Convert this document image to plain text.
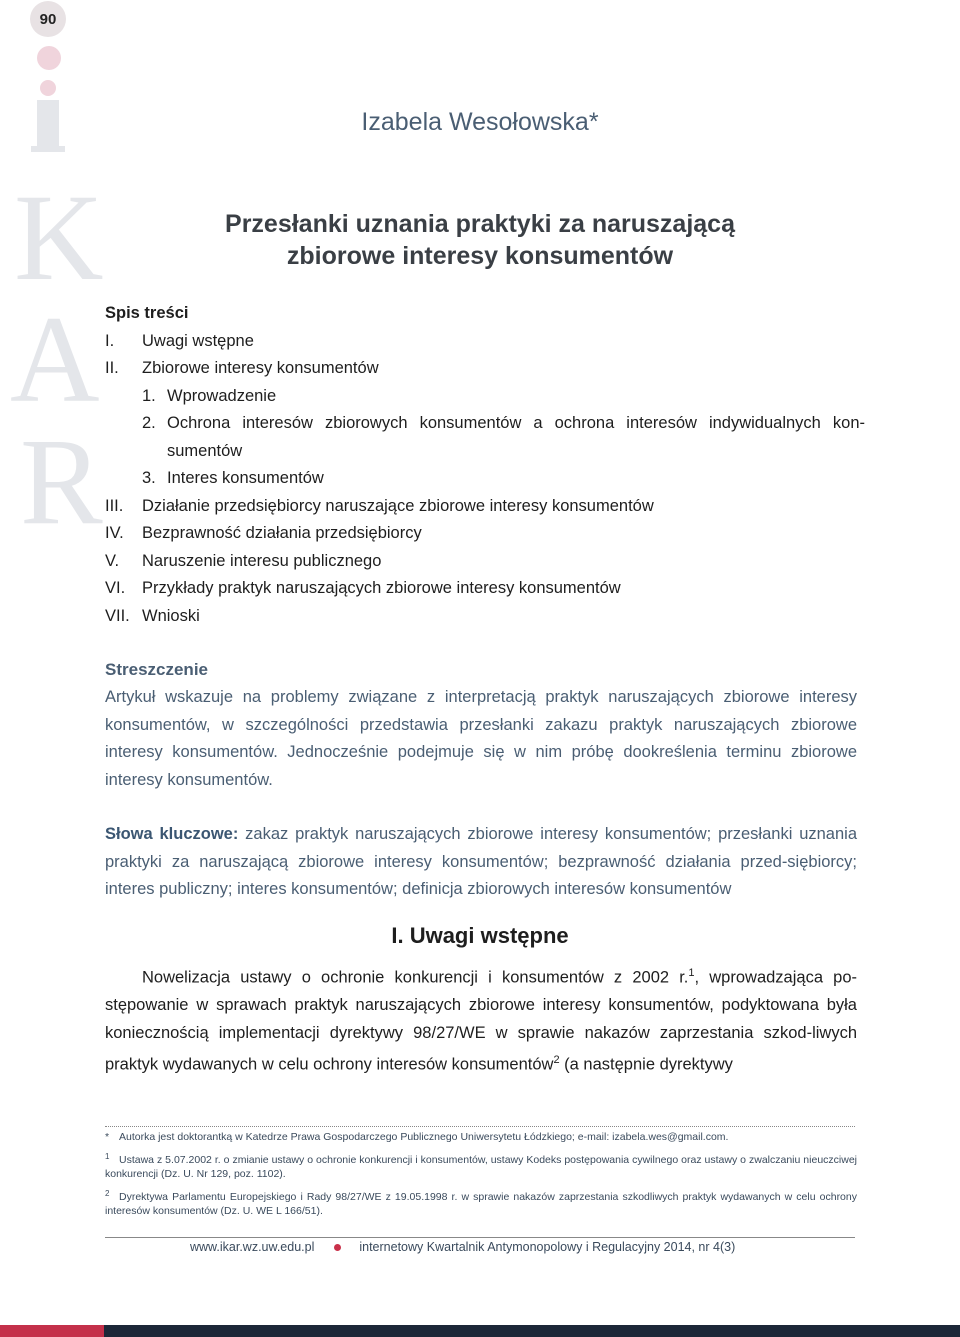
90
K
A
R
Izabela Wesołowska*
Przesłanki uznania praktyki za naruszającą
zbiorowe interesy konsumentów
Spis treści
I.	Uwagi wstępne
II.	Zbiorowe interesy konsumentów
1. Wprowadzenie
2. Ochrona interesów zbiorowych konsumentów a ochrona interesów indywidualnych kon-sumentów
3. Interes konsumentów
III.	Działanie przedsiębiorcy naruszające zbiorowe interesy konsumentów
IV.	Bezprawność działania przedsiębiorcy
V.	Naruszenie interesu publicznego
VI.	Przykłady praktyk naruszających zbiorowe interesy konsumentów
VII. Wnioski
Streszczenie
Artykuł wskazuje na problemy związane z interpretacją praktyk naruszających zbiorowe interesy konsumentów, w szczególności przedstawia przesłanki zakazu praktyk naruszających zbiorowe interesy konsumentów. Jednocześnie podejmuje się w nim próbę dookreślenia terminu zbiorowe interesy konsumentów.
Słowa kluczowe: zakaz praktyk naruszających zbiorowe interesy konsumentów; przesłanki uznania praktyki za naruszającą zbiorowe interesy konsumentów; bezprawność działania przed-siębiorcy; interes publiczny; interes konsumentów; definicja zbiorowych interesów konsumentów
I. Uwagi wstępne

Nowelizacja ustawy o ochronie konkurencji i konsumentów z 2002 r.$^1$, wprowadzająca po-stępowanie w sprawach praktyk naruszających zbiorowe interesy konsumentów, podyktowana była koniecznością implementacji dyrektywy 98/27/WE w sprawie nakazów zaprzestania szkod-liwych praktyk wydawanych w celu ochrony interesów konsumentów$^2$ (a następnie dyrektywy

* Autorka jest doktorantką w Katedrze Prawa Gospodarczego Publicznego Uniwersytetu Łódzkiego; e-mail: izabela.wes@gmail.com.

1 Ustawa z 5.07.2002 r. o zmianie ustawy o ochronie konkurencji i konsumentów, ustawy Kodeks postępowania cywilnego oraz ustawy o zwalczaniu nieuczciwej konkurencji (Dz. U. Nr 129, poz. 1102).

2 Dyrektywa Parlamentu Europejskiego i Rady 98/27/WE z 19.05.1998 r. w sprawie nakazów zaprzestania szkodliwych praktyk wydawanych w celu ochrony interesów konsumentów (Dz. U. WE L 166/51).

www.ikar.wz.uw.edu.pl	internetowy Kwartalnik Antymonopolowy i Regulacyjny 2014, nr 4(3)
